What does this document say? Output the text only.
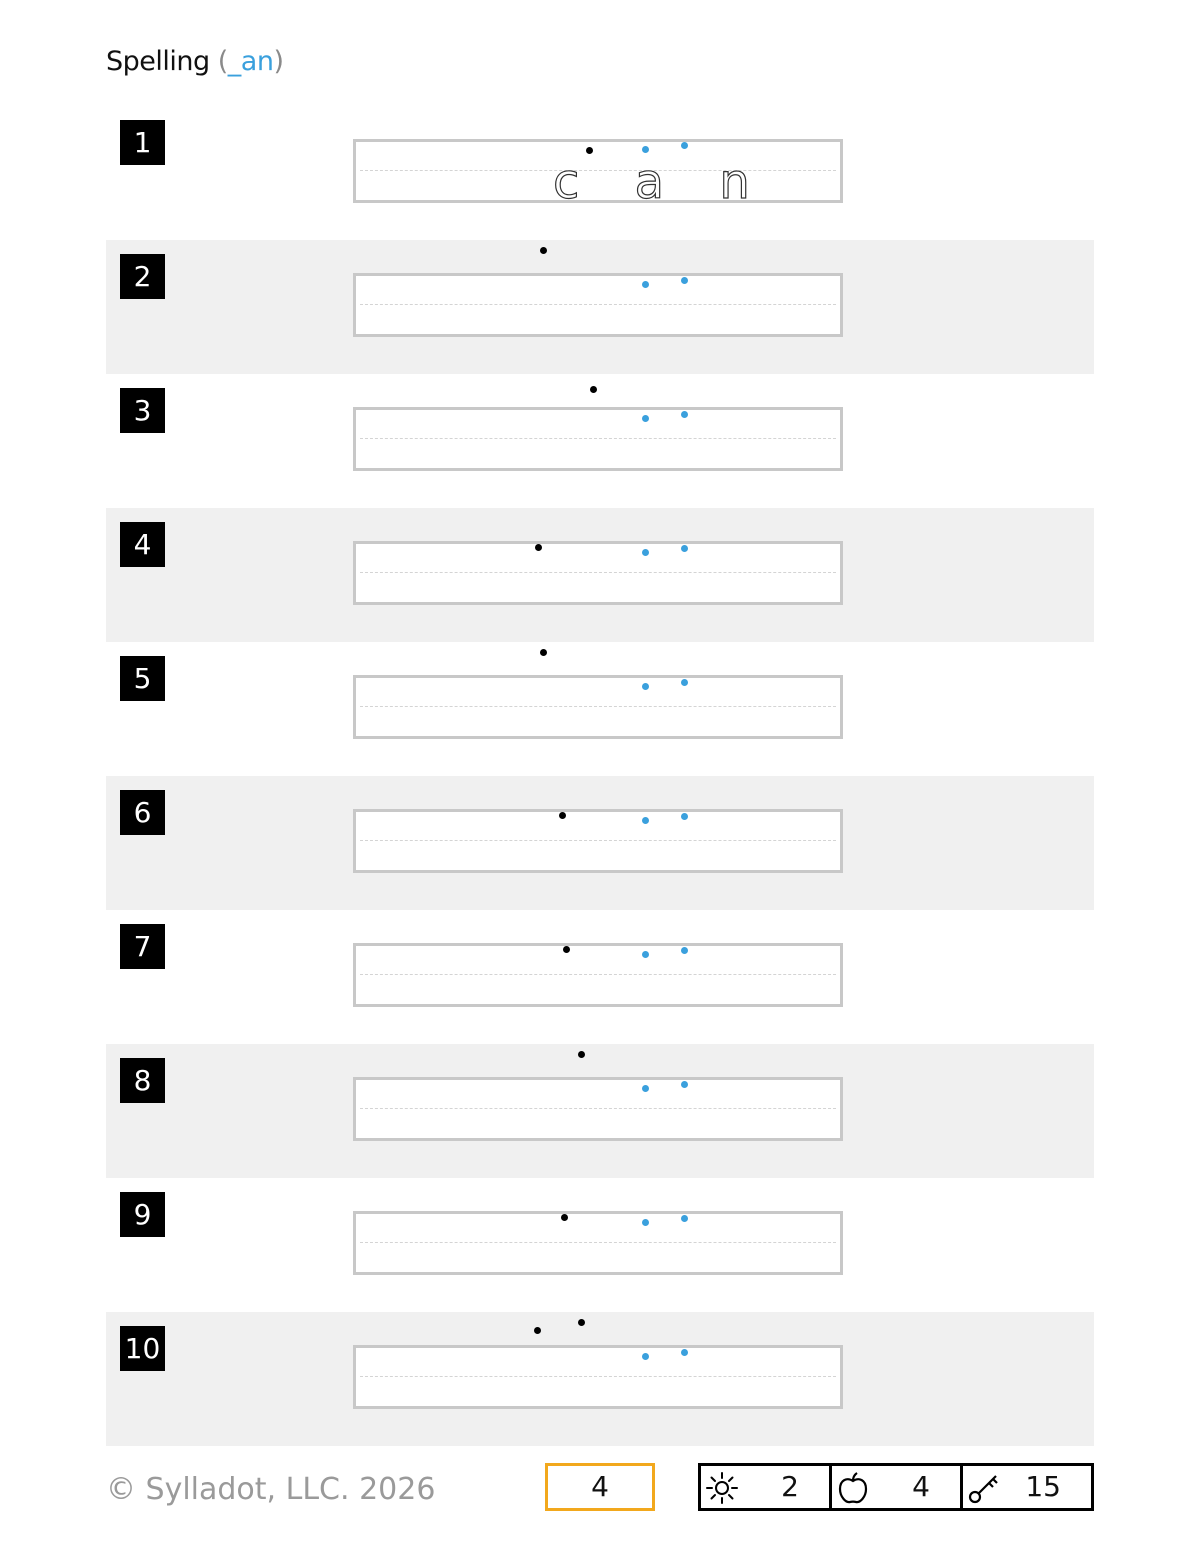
Spelling (_an)
1
c a n
2
3
4
5
6
7
8
9
10
© Sylladot, LLC. 2026	4	2	4	15
